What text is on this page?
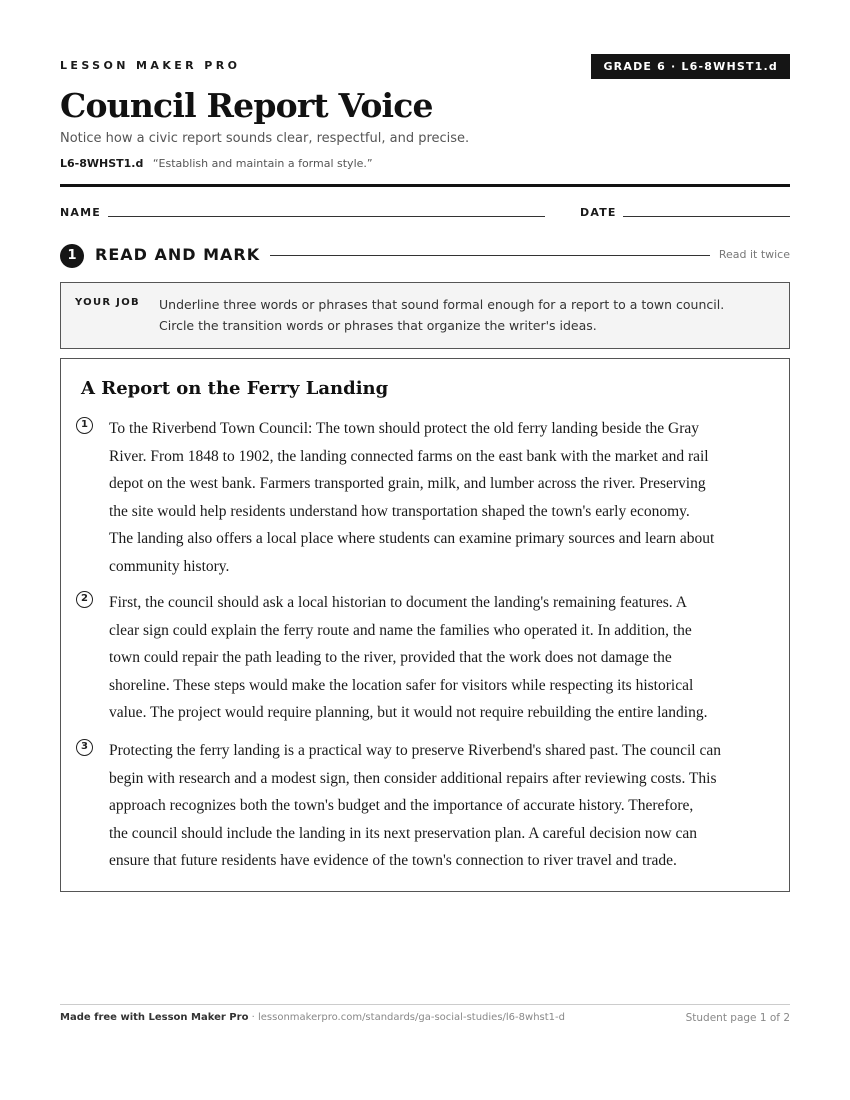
LESSON MAKER PRO	GRADE 6 · L6-8WHST1.d
Council Report Voice
Notice how a civic report sounds clear, respectful, and precise.
L6-8WHST1.d “Establish and maintain a formal style.”
NAME	DATE
1	READ AND MARK	Read it twice
YOUR JOB Underline three words or phrases that sound formal enough for a report to a town council.
Circle the transition words or phrases that organize the writer's ideas.
A Report on the Ferry Landing
1	To the Riverbend Town Council: The town should protect the old ferry landing beside the Gray
River. From 1848 to 1902, the landing connected farms on the east bank with the market and rail
depot on the west bank. Farmers transported grain, milk, and lumber across the river. Preserving
the site would help residents understand how transportation shaped the town's early economy.
The landing also offers a local place where students can examine primary sources and learn about
community history.
2	First, the council should ask a local historian to document the landing's remaining features. A
clear sign could explain the ferry route and name the families who operated it. In addition, the
town could repair the path leading to the river, provided that the work does not damage the
shoreline. These steps would make the location safer for visitors while respecting its historical
value. The project would require planning, but it would not require rebuilding the entire landing.
3	Protecting the ferry landing is a practical way to preserve Riverbend's shared past. The council can
begin with research and a modest sign, then consider additional repairs after reviewing costs. This
approach recognizes both the town's budget and the importance of accurate history. Therefore,
the council should include the landing in its next preservation plan. A careful decision now can
ensure that future residents have evidence of the town's connection to river travel and trade.
Made free with Lesson Maker Pro · lessonmakerpro.com/standards/ga-social-studies/l6-8whst1-d	Student page 1 of 2
